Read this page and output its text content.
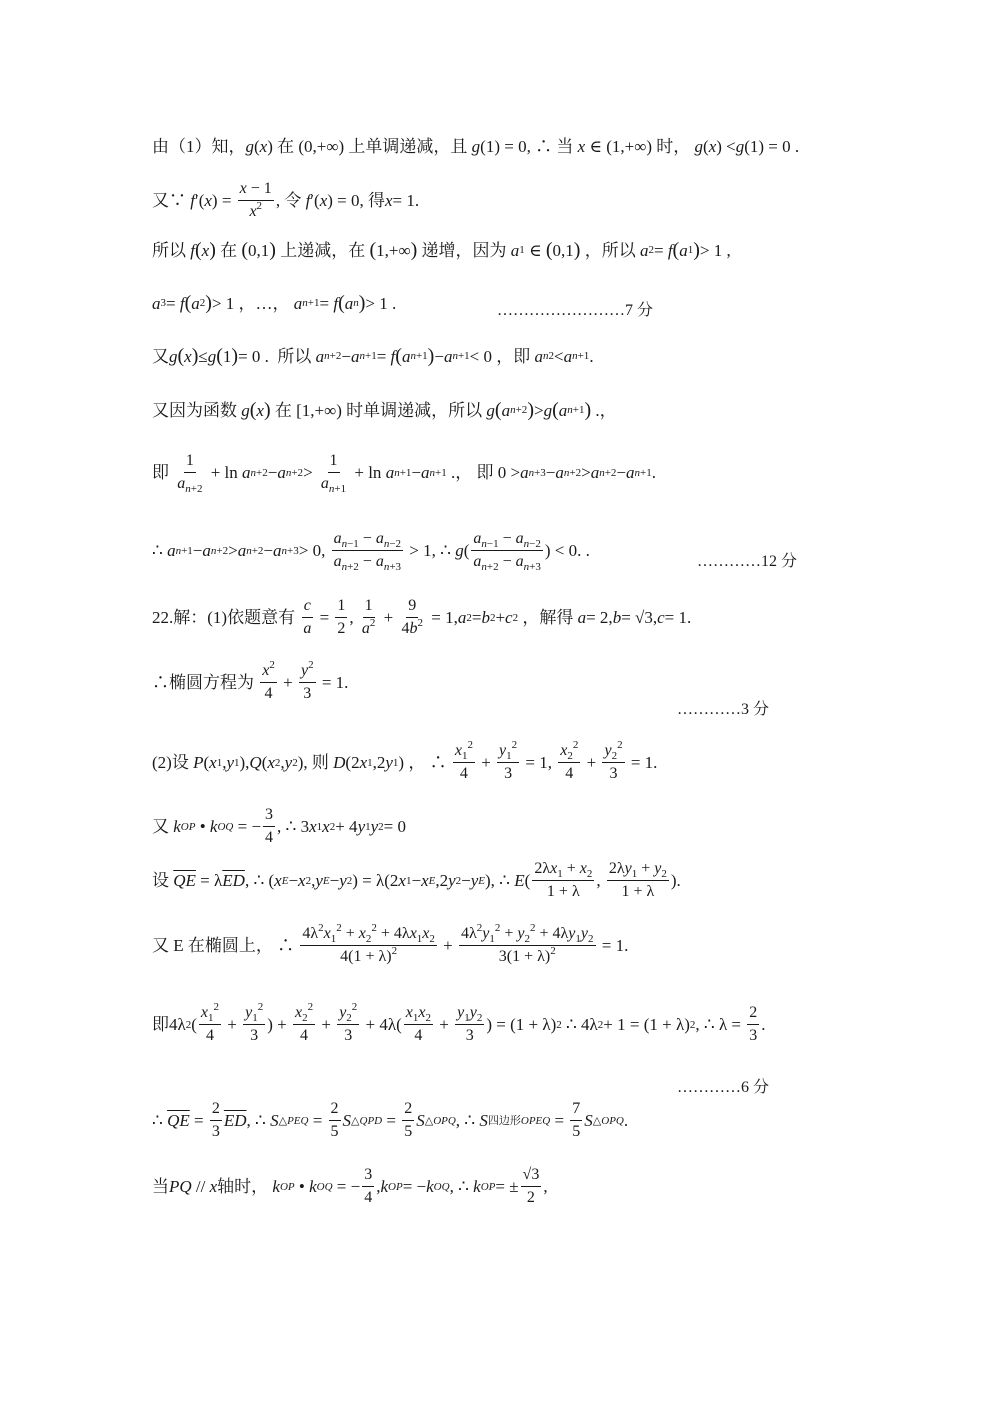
由（1）知， g ( x ) 在 (0,+∞) 上单调递减，且 g (1) = 0, ∴ 当 x ∈ (1,+∞) 时， g ( x ) < g (1) = 0 .
又∵ f ′( x ) = $\frac{x - 1}{x^2}$ , 令 f ′( x ) = 0, 得 x = 1.
所以 f ( x ) 在 ( 0,1 ) 上递减，在 ( 1,+∞ ) 递增，因为 a 1 ∈ ( 0,1 ) ，所以 a 2 = f ( a 1 ) > 1 ,
a 3 = f ( a 2 ) > 1 ，…， a n+1 = f ( a n ) > 1 .	……………………7 分
又 g ( x ) ≤ g ( 1 ) = 0 .  所以 a n+2 − a n+1 = f ( a n+1 ) − a n+1 < 0 ，即 a n2 < a n+1 .
又因为函数 g ( x ) 在 [1,+∞) 时单调递减，所以 g ( a n+2 ) > g ( a n+1 ) .，
即 $\frac{1}{a_{n+2}} + \ln a$ n+2 − a $n+2 > \frac{1}{a_{n+1}} + \ln a$ n+1 − a n+1 .， 即 0 > a n+3 − a n+2 > a n+2 − a n+1 .
∴ a n+1 − a n+2 > a n+2 − a n+3 > 0, $\frac{a_{n-1} - a_{n-2}}{a_{n+2} - a_{n+3}} > 1$, ∴ g ( $\frac{a_{n-1} - a_{n-2}}{a_{n+2} - a_{n+3}}$ ) < 0. .
…………12 分
22.解：(1)依题意有 $\frac{c}{a} = \frac{1}{2}$ , $\frac{1}{a^2} + \frac{9}{4b^2} = 1$, a 2 = b 2 + c 2 ，解得 a = 2, b = √3, c = 1.
∴椭圆方程为 $\frac{x^2}{4} + \frac{y^2}{3} = 1$.
…………3 分
(2)设 P ( x 1 , y 1 ), Q ( x 2 , y 2 ), 则 D (2 x 1 ,2 y 1 ) ， ∴ $\frac{x_1^2}{4} + \frac{y_1^2}{3} = 1$, $\frac{x_2^2}{4} + \frac{y_2^2}{3} = 1$.
又 k OP • k OQ = − $\frac{3}{4}$ , ∴ 3 x 1 x 2 + 4 y 1 y 2 = 0
设 $\overline{QE} = \lambda$ $\overline{ED}$ , ∴ ( x E − x 2 , y E − y 2 ) = λ(2 x 1 − x E ,2 y 2 − y E ), ∴ E ( $\frac{2\lambda x_1 + x_2}{1 + \lambda}$ , $\frac{2\lambda y_1 + y_2}{1 + \lambda}$ ).
又 E 在椭圆上， ∴ $\frac{4\lambda^2x_1^2 + x_2^2 + 4\lambda x_1x_2}{4(1 + \lambda)^2} + \frac{4\lambda^2y_1^2 + y_2^2 + 4\lambda y_1y_2}{3(1 + \lambda)^2} = 1$.
即4λ 2 ( $\frac{x_1^2}{4} + \frac{y_1^2}{3}$ ) + $\frac{x_2^2}{4} + \frac{y_2^2}{3} + 4\lambda( \frac{x_1x_2}{4} + \frac{y_1y_2}{3}$ ) = (1 + λ) 2 ∴ 4λ 2 + 1 = (1 + λ) 2 , ∴ $\lambda = \frac{2}{3}$ .
…………6 分
∴ $\overline{QE} = \frac{2}{3} \overline{ED}$ , ∴ S △PEQ = $\frac{2}{5}$ S △QPD = $\frac{2}{5}$ S △OPQ , ∴ S 四边形OPEQ = $\frac{7}{5}$ S △OPQ .
当 PQ // x 轴时， k OP • k OQ = − $\frac{3}{4}$ , k OP = − k OQ , ∴ k OP = ± $\frac{√3}{2}$ ,
